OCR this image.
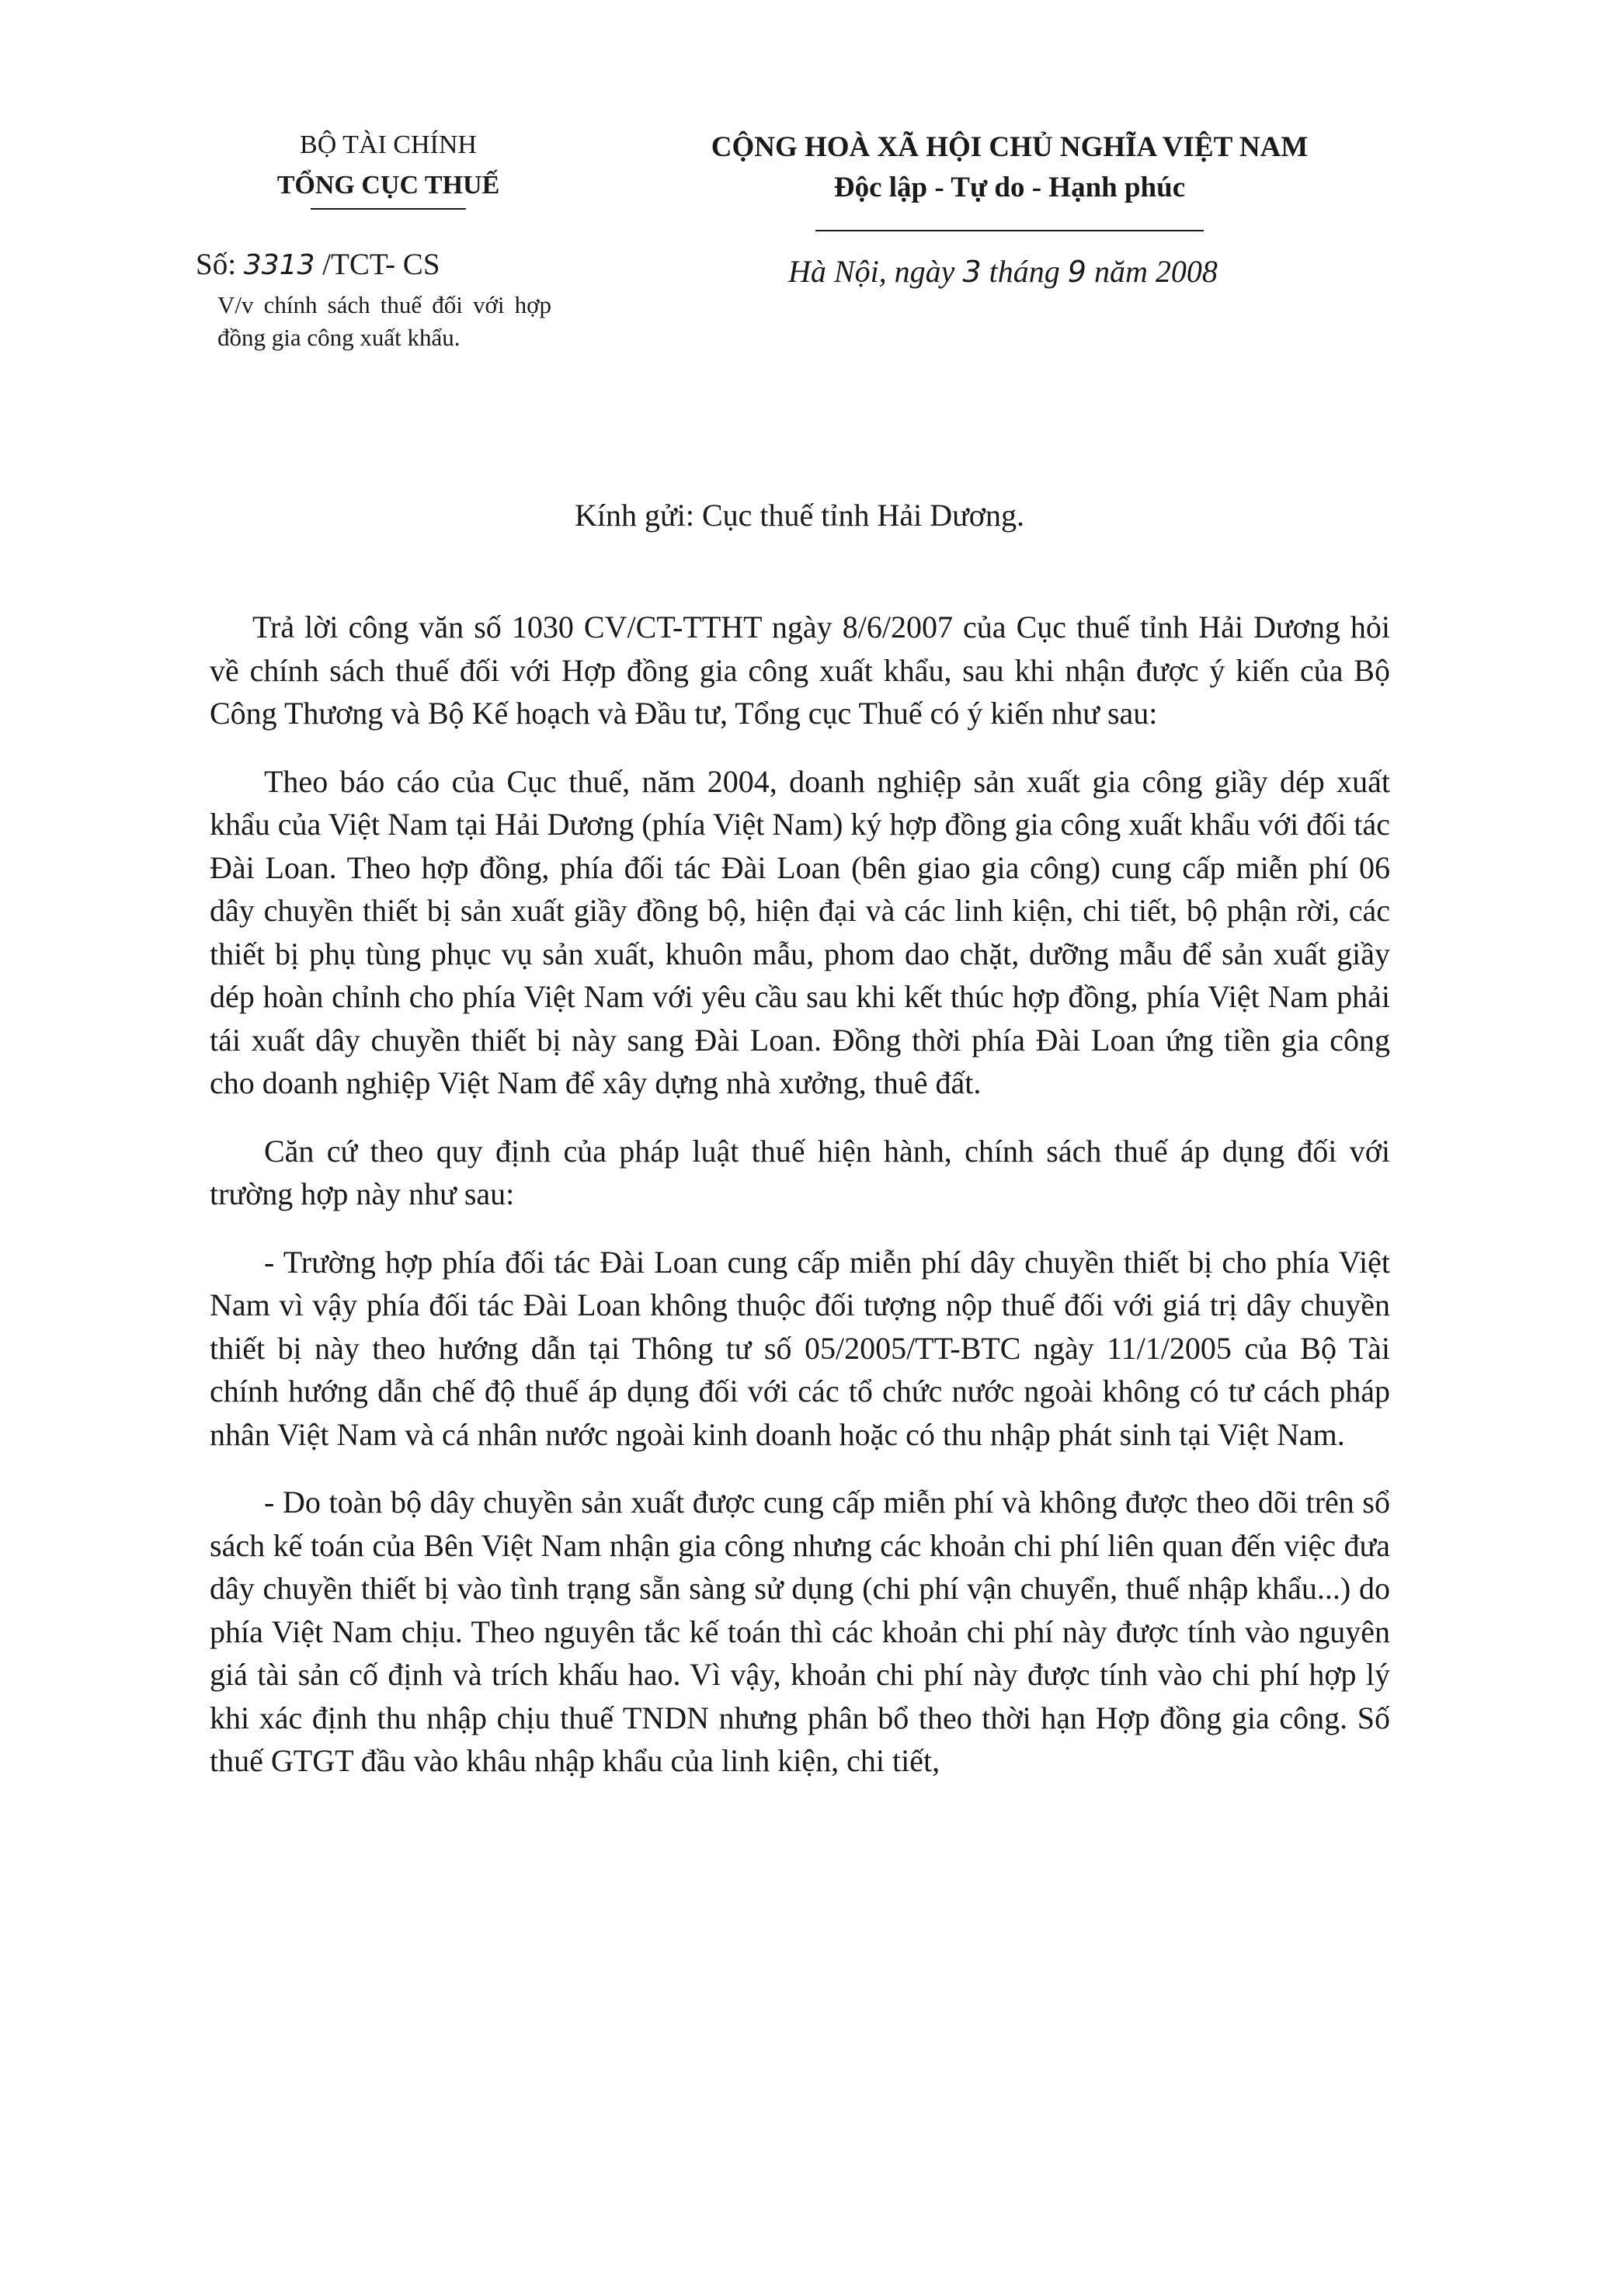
BỘ TÀI CHÍNH
TỔNG CỤC THUẾ
CỘNG HOÀ XÃ HỘI CHỦ NGHĨA VIỆT NAM
Độc lập - Tự do - Hạnh phúc
Số: 3313 /TCT- CS
V/v chính sách thuế đối với hợp đồng gia công xuất khẩu.
Hà Nội, ngày 3 tháng 9 năm 2008
Kính gửi: Cục thuế tỉnh Hải Dương.

Trả lời công văn số 1030 CV/CT-TTHT ngày 8/6/2007 của Cục thuế tỉnh Hải Dương hỏi về chính sách thuế đối với Hợp đồng gia công xuất khẩu, sau khi nhận được ý kiến của Bộ Công Thương và Bộ Kế hoạch và Đầu tư, Tổng cục Thuế có ý kiến như sau:

Theo báo cáo của Cục thuế, năm 2004, doanh nghiệp sản xuất gia công giầy dép xuất khẩu của Việt Nam tại Hải Dương (phía Việt Nam) ký hợp đồng gia công xuất khẩu với đối tác Đài Loan. Theo hợp đồng, phía đối tác Đài Loan (bên giao gia công) cung cấp miễn phí 06 dây chuyền thiết bị sản xuất giầy đồng bộ, hiện đại và các linh kiện, chi tiết, bộ phận rời, các thiết bị phụ tùng phục vụ sản xuất, khuôn mẫu, phom dao chặt, dưỡng mẫu để sản xuất giầy dép hoàn chỉnh cho phía Việt Nam với yêu cầu sau khi kết thúc hợp đồng, phía Việt Nam phải tái xuất dây chuyền thiết bị này sang Đài Loan. Đồng thời phía Đài Loan ứng tiền gia công cho doanh nghiệp Việt Nam để xây dựng nhà xưởng, thuê đất.

Căn cứ theo quy định của pháp luật thuế hiện hành, chính sách thuế áp dụng đối với trường hợp này như sau:

- Trường hợp phía đối tác Đài Loan cung cấp miễn phí dây chuyền thiết bị cho phía Việt Nam vì vậy phía đối tác Đài Loan không thuộc đối tượng nộp thuế đối với giá trị dây chuyền thiết bị này theo hướng dẫn tại Thông tư số 05/2005/TT-BTC ngày 11/1/2005 của Bộ Tài chính hướng dẫn chế độ thuế áp dụng đối với các tổ chức nước ngoài không có tư cách pháp nhân Việt Nam và cá nhân nước ngoài kinh doanh hoặc có thu nhập phát sinh tại Việt Nam.

- Do toàn bộ dây chuyền sản xuất được cung cấp miễn phí và không được theo dõi trên sổ sách kế toán của Bên Việt Nam nhận gia công nhưng các khoản chi phí liên quan đến việc đưa dây chuyền thiết bị vào tình trạng sẵn sàng sử dụng (chi phí vận chuyển, thuế nhập khẩu...) do phía Việt Nam chịu. Theo nguyên tắc kế toán thì các khoản chi phí này được tính vào nguyên giá tài sản cố định và trích khấu hao. Vì vậy, khoản chi phí này được tính vào chi phí hợp lý khi xác định thu nhập chịu thuế TNDN nhưng phân bổ theo thời hạn Hợp đồng gia công. Số thuế GTGT đầu vào khâu nhập khẩu của linh kiện, chi tiết,
